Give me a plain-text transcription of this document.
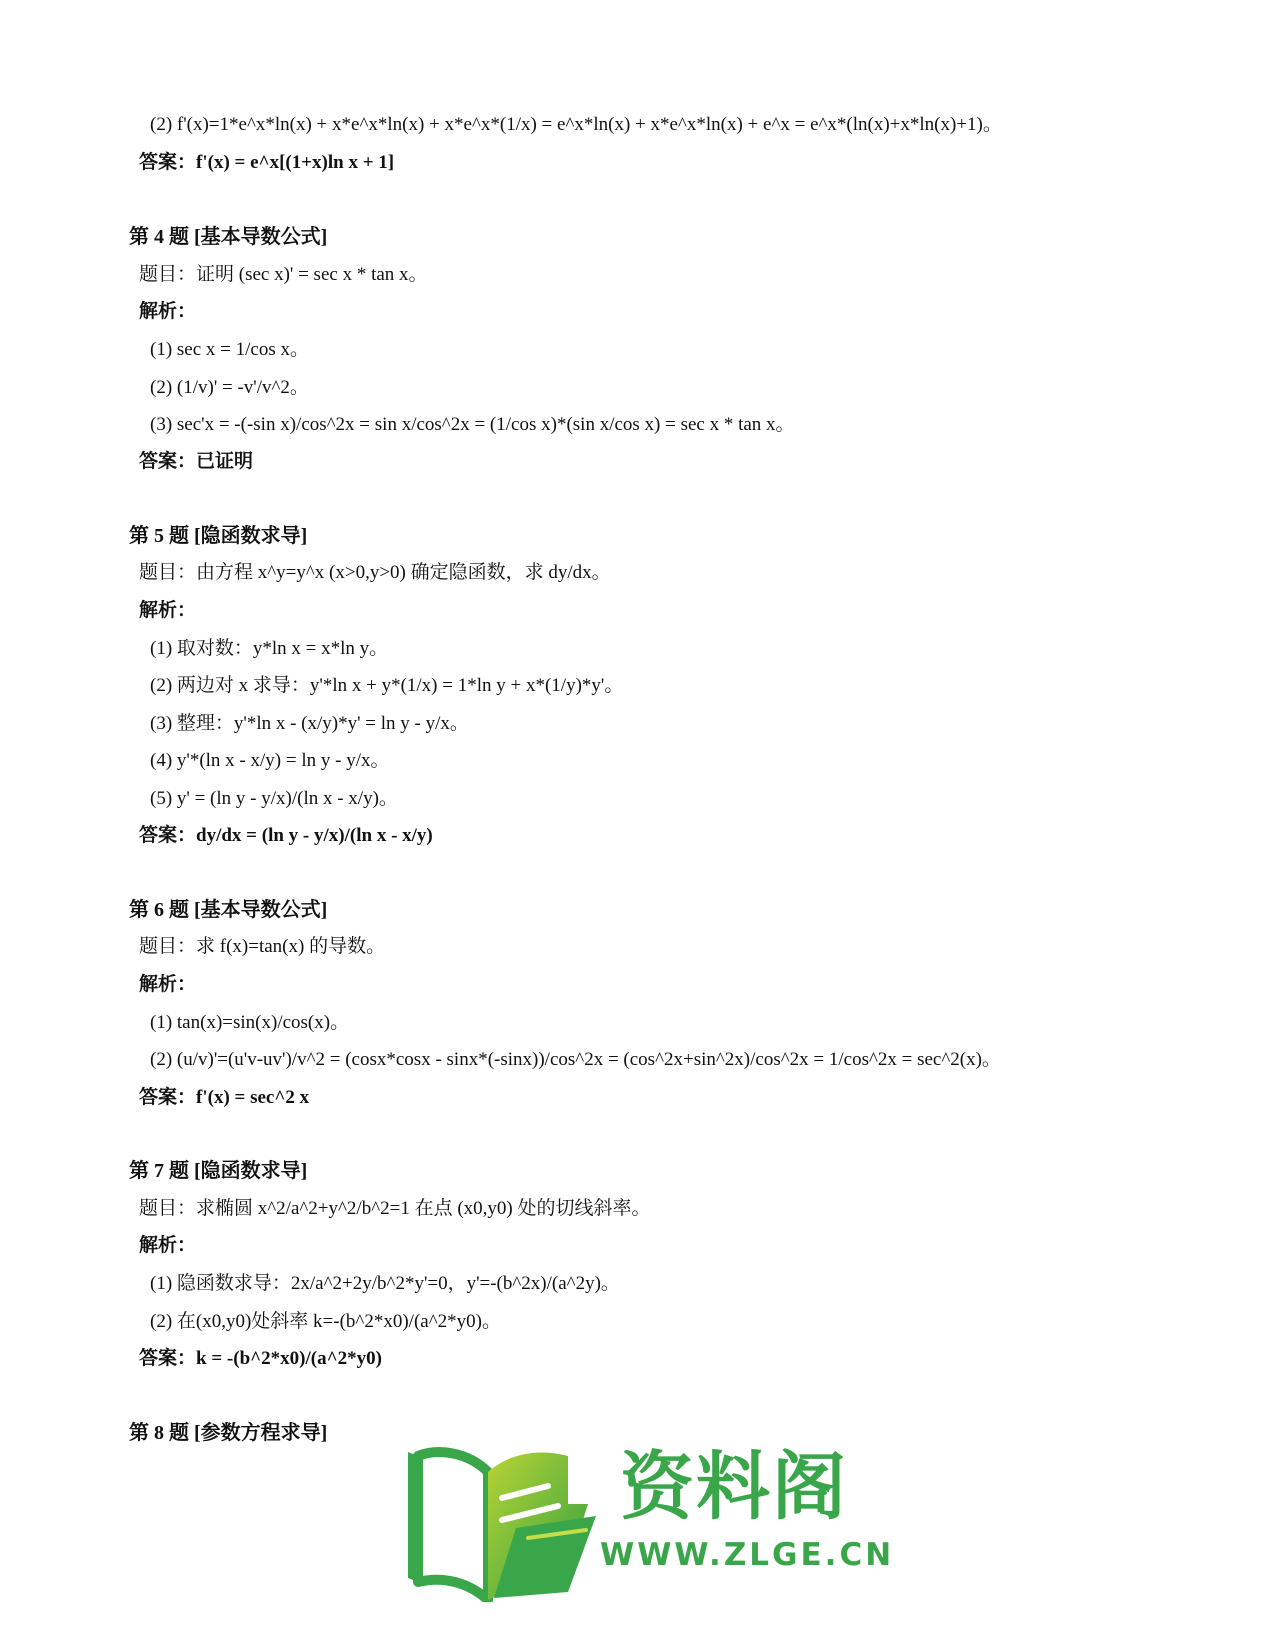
(2) f'(x)=1*e^x*ln(x) + x*e^x*ln(x) + x*e^x*(1/x) = e^x*ln(x) + x*e^x*ln(x) + e^x = e^x*(ln(x)+x*ln(x)+1)。

答案：f'(x) = e^x[(1+x)ln x + 1]

第 4 题 [基本导数公式]

题目：证明 (sec x)' = sec x * tan x。

解析：

(1) sec x = 1/cos x。

(2) (1/v)' = -v'/v^2。

(3) sec'x = -(-sin x)/cos^2x = sin x/cos^2x = (1/cos x)*(sin x/cos x) = sec x * tan x。

答案：已证明

第 5 题 [隐函数求导]

题目：由方程 x^y=y^x (x>0,y>0) 确定隐函数，求 dy/dx。

解析：

(1) 取对数：y*ln x = x*ln y。

(2) 两边对 x 求导：y'*ln x + y*(1/x) = 1*ln y + x*(1/y)*y'。

(3) 整理：y'*ln x - (x/y)*y' = ln y - y/x。

(4) y'*(ln x - x/y) = ln y - y/x。

(5) y' = (ln y - y/x)/(ln x - x/y)。

答案：dy/dx = (ln y - y/x)/(ln x - x/y)

第 6 题 [基本导数公式]

题目：求 f(x)=tan(x) 的导数。

解析：

(1) tan(x)=sin(x)/cos(x)。

(2) (u/v)'=(u'v-uv')/v^2 = (cosx*cosx - sinx*(-sinx))/cos^2x = (cos^2x+sin^2x)/cos^2x = 1/cos^2x = sec^2(x)。

答案：f'(x) = sec^2 x

第 7 题 [隐函数求导]

题目：求椭圆 x^2/a^2+y^2/b^2=1 在点 (x0,y0) 处的切线斜率。

解析：

(1) 隐函数求导：2x/a^2+2y/b^2*y'=0，y'=-(b^2x)/(a^2y)。

(2) 在(x0,y0)处斜率 k=-(b^2*x0)/(a^2*y0)。

答案：k = -(b^2*x0)/(a^2*y0)

第 8 题 [参数方程求导]

资料阁
WWW.ZLGE.CN
